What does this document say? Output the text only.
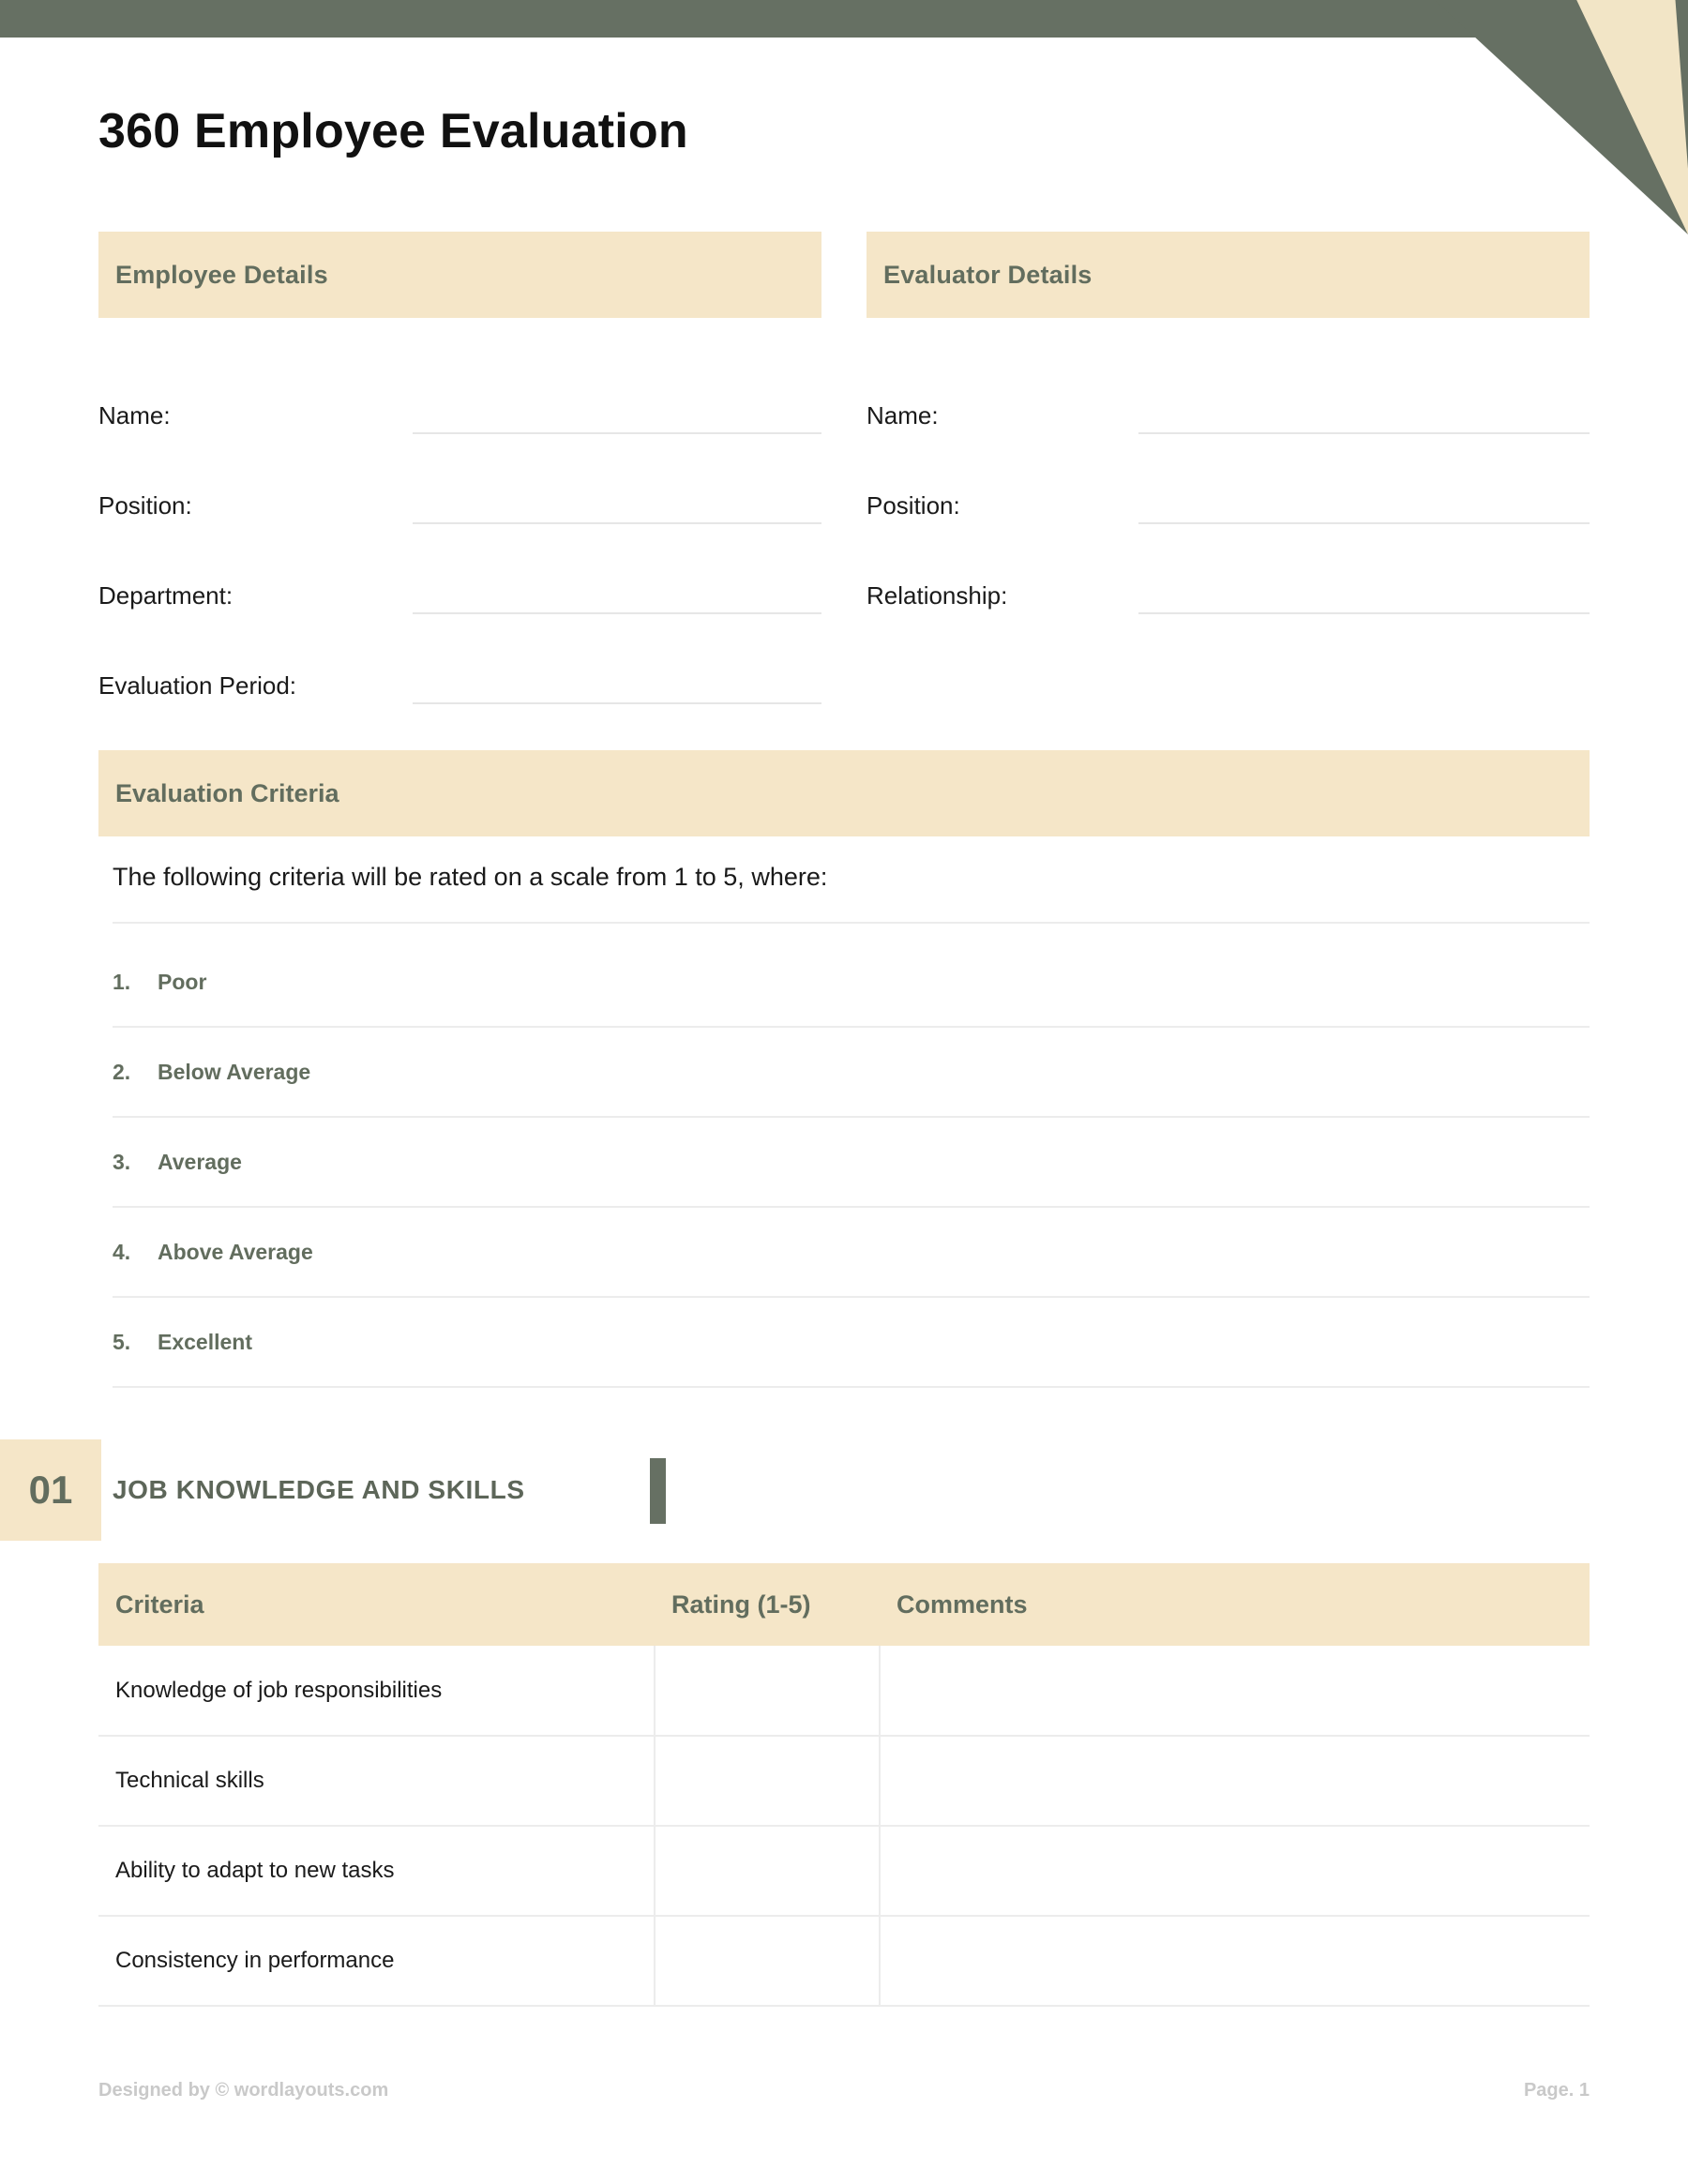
360 Employee Evaluation
Employee Details
Name:
Position:
Department:
Evaluation Period:
Evaluator Details
Name:
Position:
Relationship:
Evaluation Criteria
The following criteria will be rated on a scale from 1 to 5, where:
1.	Poor
2.	Below Average
3.	Average
4.	Above Average
5.	Excellent
01 JOB KNOWLEDGE AND SKILLS
Criteria	Rating (1-5)	Comments
Knowledge of job responsibilities		
Technical skills		
Ability to adapt to new tasks		
Consistency in performance		
Designed by © wordlayouts.com	Page. 1
